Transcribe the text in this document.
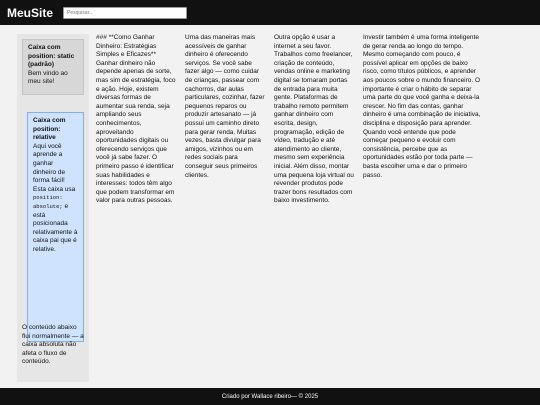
MeuSite
Pesquisar...
Caixa com position: static (padrão)
Bem vindo ao meu site!
Caixa com position: relative
Aqui você aprende a ganhar dinheiro de forma fácil! Esta caixa usa position: absolute; e está posicionada relativamente à caixa pai que é relative.
O conteúdo abaixo flui normalmente — a caixa absoluta não afeta o fluxo de conteúdo.
### **Como Ganhar Dinheiro: Estratégias Simples e Eficazes** Ganhar dinheiro não depende apenas de sorte, mas sim de estratégia, foco e ação. Hoje, existem diversas formas de aumentar sua renda, seja ampliando seus conhecimentos, aproveitando oportunidades digitais ou oferecendo serviços que você já sabe fazer. O primeiro passo é identificar suas habilidades e interesses: todos têm algo que podem transformar em valor para outras pessoas.
Uma das maneiras mais acessíveis de ganhar dinheiro é oferecendo serviços. Se você sabe fazer algo — como cuidar de crianças, passear com cachorros, dar aulas particulares, cozinhar, fazer pequenos reparos ou produzir artesanato — já possui um caminho direto para gerar renda. Muitas vezes, basta divulgar para amigos, vizinhos ou em redes sociais para conseguir seus primeiros clientes.
Outra opção é usar a internet a seu favor. Trabalhos como freelancer, criação de conteúdo, vendas online e marketing digital se tornaram portas de entrada para muita gente. Plataformas de trabalho remoto permitem ganhar dinheiro com escrita, design, programação, edição de vídeo, tradução e até atendimento ao cliente, mesmo sem experiência inicial. Além disso, montar uma pequena loja virtual ou revender produtos pode trazer bons resultados com baixo investimento.
Investir também é uma forma inteligente de gerar renda ao longo do tempo. Mesmo começando com pouco, é possível aplicar em opções de baixo risco, como títulos públicos, e aprender aos poucos sobre o mundo financeiro. O importante é criar o hábito de separar uma parte do que você ganha e deixa-la crescer. No fim das contas, ganhar dinheiro é uma combinação de iniciativa, disciplina e disposição para aprender. Quando você entende que pode começar pequeno e evoluir com consistência, percebe que as oportunidades estão por toda parte — basta escolher uma e dar o primeiro passo.
Criado por Wallace ribeiro— © 2025
